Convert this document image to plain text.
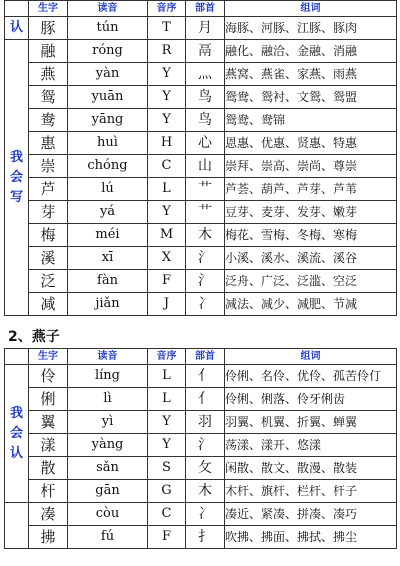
	生字	读音	音序	部首	组词

认	豚	tún	T	月	海豚、河豚、江豚、豚肉

我
会
写	融	róng	R	鬲	融化、融洽、金融、消融
	燕	yàn	Y	灬	燕窝、燕雀、家燕、雨燕
	鸳	yuān	Y	鸟	鸳鸯、鸳衬、文鸳、鸳盟
	鸯	yāng	Y	鸟	鸳鸯、鸯锦
	惠	huì	H	心	恩惠、优惠、贤惠、特惠
	崇	chóng	C	山	崇拜、崇高、崇尚、尊崇
	芦	lú	L	艹	芦荟、葫芦、芦芽、芦苇
	芽	yá	Y	艹	豆芽、麦芽、发芽、嫩芽
	梅	méi	M	木	梅花、雪梅、冬梅、寒梅
	溪	xī	X	氵	小溪、溪水、溪流、溪谷
	泛	fàn	F	氵	泛舟、广泛、泛滥、空泛
	减	jiǎn	J	冫	减法、减少、减肥、节减
2、燕子
	生字	读音	音序	部首	组词

我
会
认	伶	líng	L	亻	伶俐、名伶、优伶、孤苦伶仃
	俐	lì	L	亻	伶俐、俐落、伶牙俐齿
	翼	yì	Y	羽	羽翼、机翼、折翼、蝉翼
	漾	yàng	Y	氵	荡漾、漾开、悠漾
	散	sǎn	S	攵	闲散、散文、散漫、散装
	杆	gān	G	木	木杆、旗杆、栏杆、杆子
	凑	còu	C	冫	凑近、紧凑、拼凑、凑巧
	拂	fú	F	扌	吹拂、拂面、拂拭、拂尘
